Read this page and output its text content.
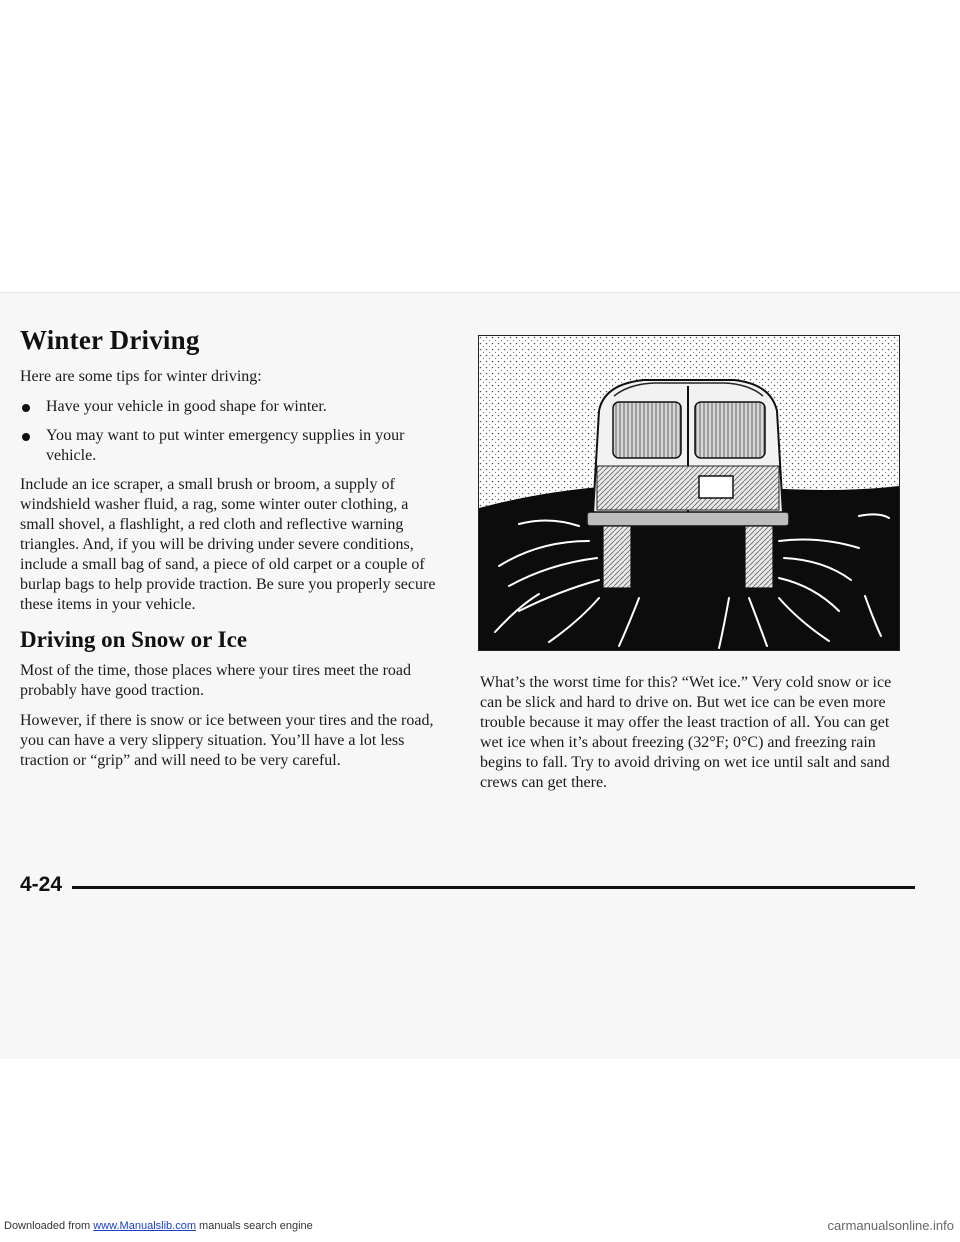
Winter Driving

Here are some tips for winter driving:

Have your vehicle in good shape for winter.
You may want to put winter emergency supplies in your vehicle.

Include an ice scraper, a small brush or broom, a supply of windshield washer fluid, a rag, some winter outer clothing, a small shovel, a flashlight, a red cloth and reflective warning triangles. And, if you will be driving under severe conditions, include a small bag of sand, a piece of old carpet or a couple of burlap bags to help provide traction. Be sure you properly secure these items in your vehicle.

Driving on Snow or Ice

Most of the time, those places where your tires meet the road probably have good traction.

However, if there is snow or ice between your tires and the road, you can have a very slippery situation. You’ll have a lot less traction or “grip” and will need to be very careful.

What’s the worst time for this? “Wet ice.” Very cold snow or ice can be slick and hard to drive on. But wet ice can be even more trouble because it may offer the least traction of all. You can get wet ice when it’s about freezing (32°F; 0°C) and freezing rain begins to fall. Try to avoid driving on wet ice until salt and sand crews can get there.

4-24
Downloaded from www.Manualslib.com manuals search engine	carmanualsonline.info
